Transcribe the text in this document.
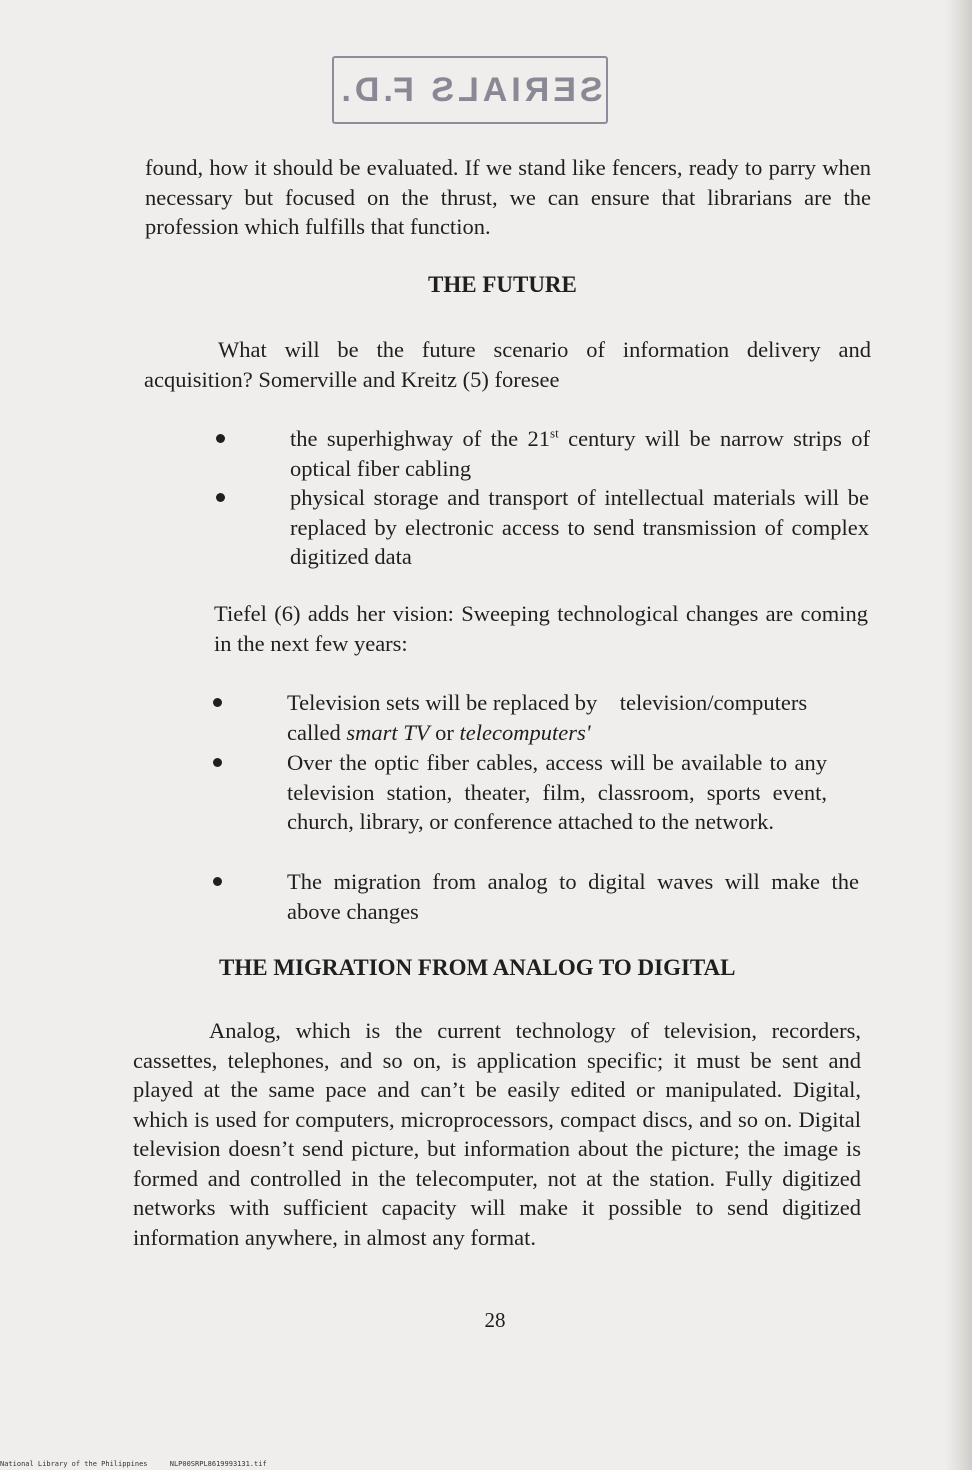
SERIALS F.D.

found, how it should be evaluated. If we stand like fencers, ready to parry when necessary but focused on the thrust, we can ensure that librarians are the profession which fulfills that function.

THE FUTURE

What will be the future scenario of information delivery and acquisition? Somerville and Kreitz (5) foresee

the superhighway of the 21st century will be narrow strips of optical fiber cabling

physical storage and transport of intellectual materials will be replaced by electronic access to send transmission of complex digitized data

Tiefel (6) adds her vision: Sweeping technological changes are coming in the next few years:

Television sets will be replaced by    television/computers
called smart TV or telecomputers'

Over the optic fiber cables, access will be available to any television station, theater, film, classroom, sports event, church, library, or conference attached to the network.

The migration from analog to digital waves will make the above changes

THE MIGRATION FROM ANALOG TO DIGITAL

Analog, which is the current technology of television, recorders, cassettes, telephones, and so on, is application specific; it must be sent and played at the same pace and can’t be easily edited or manipulated. Digital, which is used for computers, microprocessors, compact discs, and so on. Digital television doesn’t send picture, but information about the picture; the image is formed and controlled in the telecomputer, not at the station. Fully digitized networks with sufficient capacity will make it possible to send digitized information anywhere, in almost any format.

28
National Library of the Philippines	NLP00SRPL8619993131.tif
